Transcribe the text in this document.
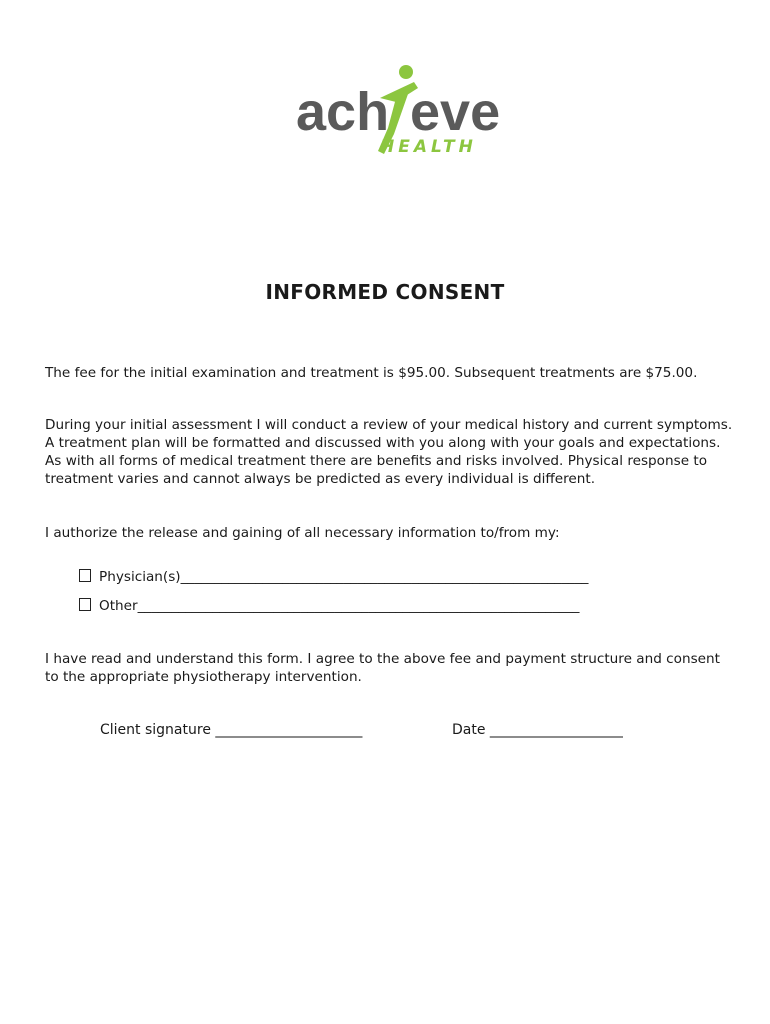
ach eve
HEALTH
INFORMED CONSENT

The fee for the initial examination and treatment is $95.00. Subsequent treatments are $75.00.

During your initial assessment I will conduct a review of your medical history and current symptoms. A treatment plan will be formatted and discussed with you along with your goals and expectations. As with all forms of medical treatment there are benefits and risks involved. Physical response to treatment varies and cannot always be predicted as every individual is different.

I authorize the release and gaining of all necessary information to/from my:

Physician(s)____________________________________________________________
Other_________________________________________________________________

I have read and understand this form. I agree to the above fee and payment structure and consent to the appropriate physiotherapy intervention.

Client signature _____________________	Date ___________________
